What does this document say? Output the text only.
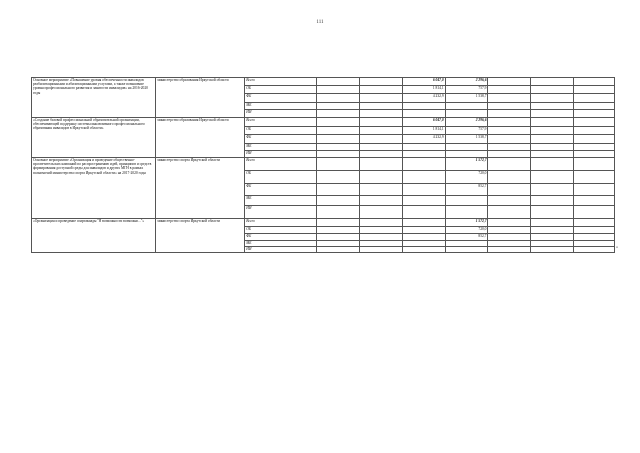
111
Основное мероприятие «Повышение уровня обеспеченности инвалидов реабилитационными и абилитационными услугами, а также повышение уровня профессионального развития и занятости инвалидов» на 2016-2020 годы	министерство образования Иркутской области	Всего			6 047,0	2 296,6			
		ОБ			1 814,1	757,9			
		ФБ			4 232,9	1 538,7			
		МБ							
		ИИ							
«Создание базовой профессиональной образовательной организации, обеспечивающей поддержку системы инклюзивного профессионального образования инвалидов в Иркутской области»	министерство образования Иркутской области	Всего			6 047,0	2 296,6			
		ОБ			1 814,1	757,9			
		ФБ			4 232,9	1 538,7			
		МБ							
		ИИ							
Основное мероприятие «Организация и проведение общественно-просветительских кампаний по распространению идей, принципов и средств формирования доступной среды для инвалидов и других МГН в рамках полномочий министерства спорта Иркутской области» на 2017-2020 годы	министерство спорта Иркутской области	Всего				1 572,7			
		ОБ				720,0			
		ФБ				852,7			
		МБ							
		ИИ							
«Организация и проведение спартакиады "Я возможности возможно..."»	министерство спорта Иркутской области	Всего				1 572,7			
		ОБ				720,0			
		ФБ				852,7			
		МБ							
		ИИ								«
